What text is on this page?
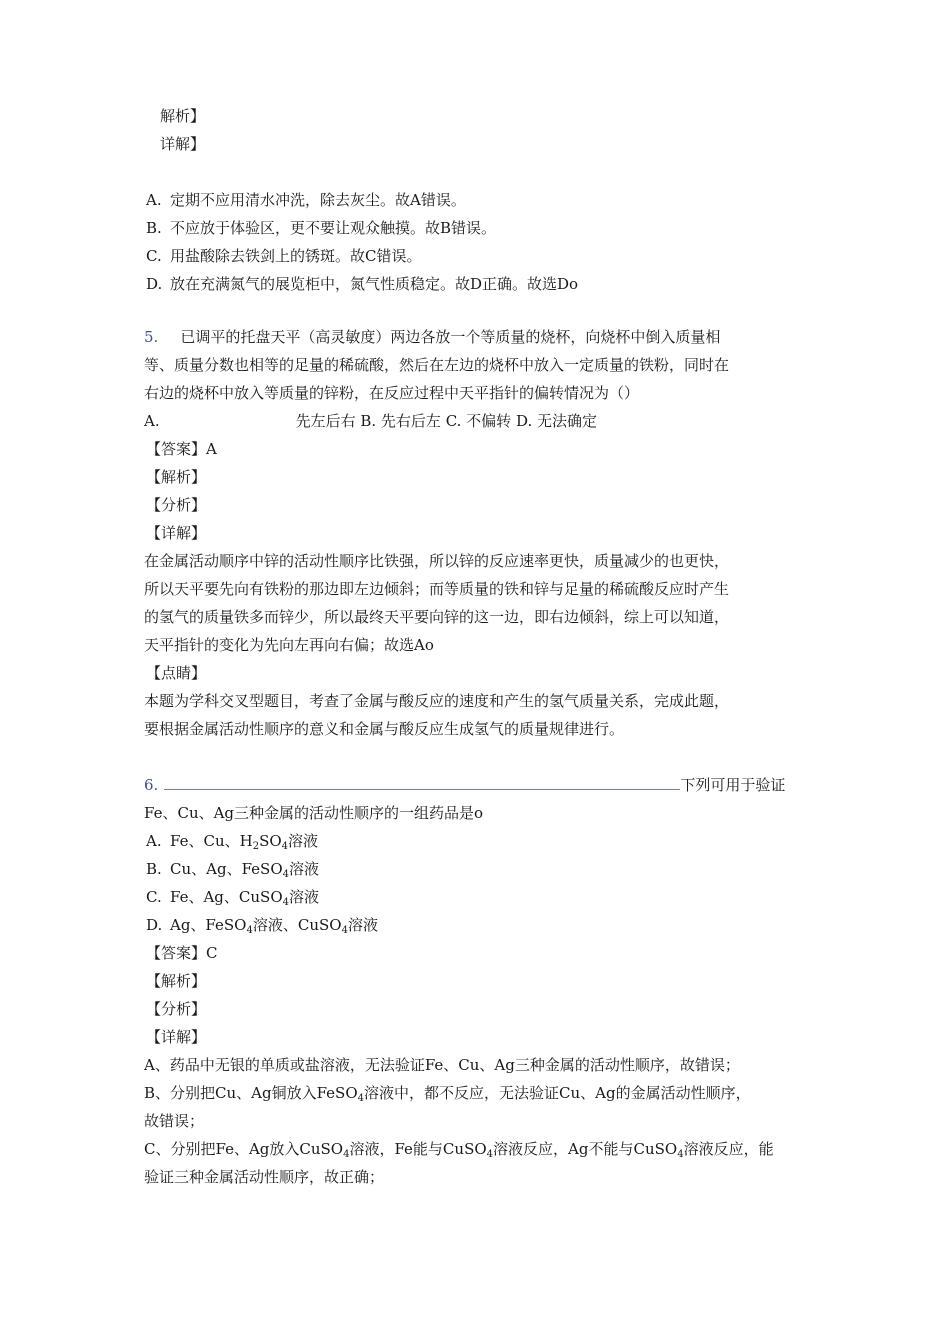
解析】
详解】
A. 定期不应用清水冲洗，除去灰尘。故A错误。
B. 不应放于体验区，更不要让观众触摸。故B错误。
C. 用盐酸除去铁剑上的锈斑。故C错误。
D. 放在充满氮气的展览柜中，氮气性质稳定。故D正确。故选Do
5. 已调平的托盘天平（高灵敏度）两边各放一个等质量的烧杯，向烧杯中倒入质量相
等、质量分数也相等的足量的稀硫酸，然后在左边的烧杯中放入一定质量的铁粉，同时在
右边的烧杯中放入等质量的锌粉，在反应过程中天平指针的偏转情况为（）
A.	先左后右 B. 先右后左 C. 不偏转 D. 无法确定
【答案】A
【解析】
【分析】
【详解】
在金属活动顺序中锌的活动性顺序比铁强，所以锌的反应速率更快，质量减少的也更快，
所以天平要先向有铁粉的那边即左边倾斜；而等质量的铁和锌与足量的稀硫酸反应时产生
的氢气的质量铁多而锌少，所以最终天平要向锌的这一边，即右边倾斜，综上可以知道，
天平指针的变化为先向左再向右偏；故选Ao
【点睛】
本题为学科交叉型题目，考查了金属与酸反应的速度和产生的氢气质量关系，完成此题，
要根据金属活动性顺序的意义和金属与酸反应生成氢气的质量规律进行。
6.	下列可用于验证
Fe、Cu、Ag三种金属的活动性顺序的一组药品是o
A. Fe、Cu、$H_2SO_4$溶液
B. Cu、Ag、FeSO$_4$溶液
C. Fe、Ag、CuSO$_4$溶液
D. Ag、FeSO$_4$溶液、CuSO$_4$溶液
【答案】C
【解析】
【分析】
【详解】
A、药品中无银的单质或盐溶液，无法验证Fe、Cu、Ag三种金属的活动性顺序，故错误；
B、分别把Cu、Ag铜放入FeSO$_4$溶液中，都不反应，无法验证Cu、Ag的金属活动性顺序，
故错误；
C、分别把Fe、Ag放入CuSO$_4$溶液，Fe能与CuSO$_4$溶液反应，Ag不能与CuSO$_4$溶液反应，能
验证三种金属活动性顺序，故正确；
